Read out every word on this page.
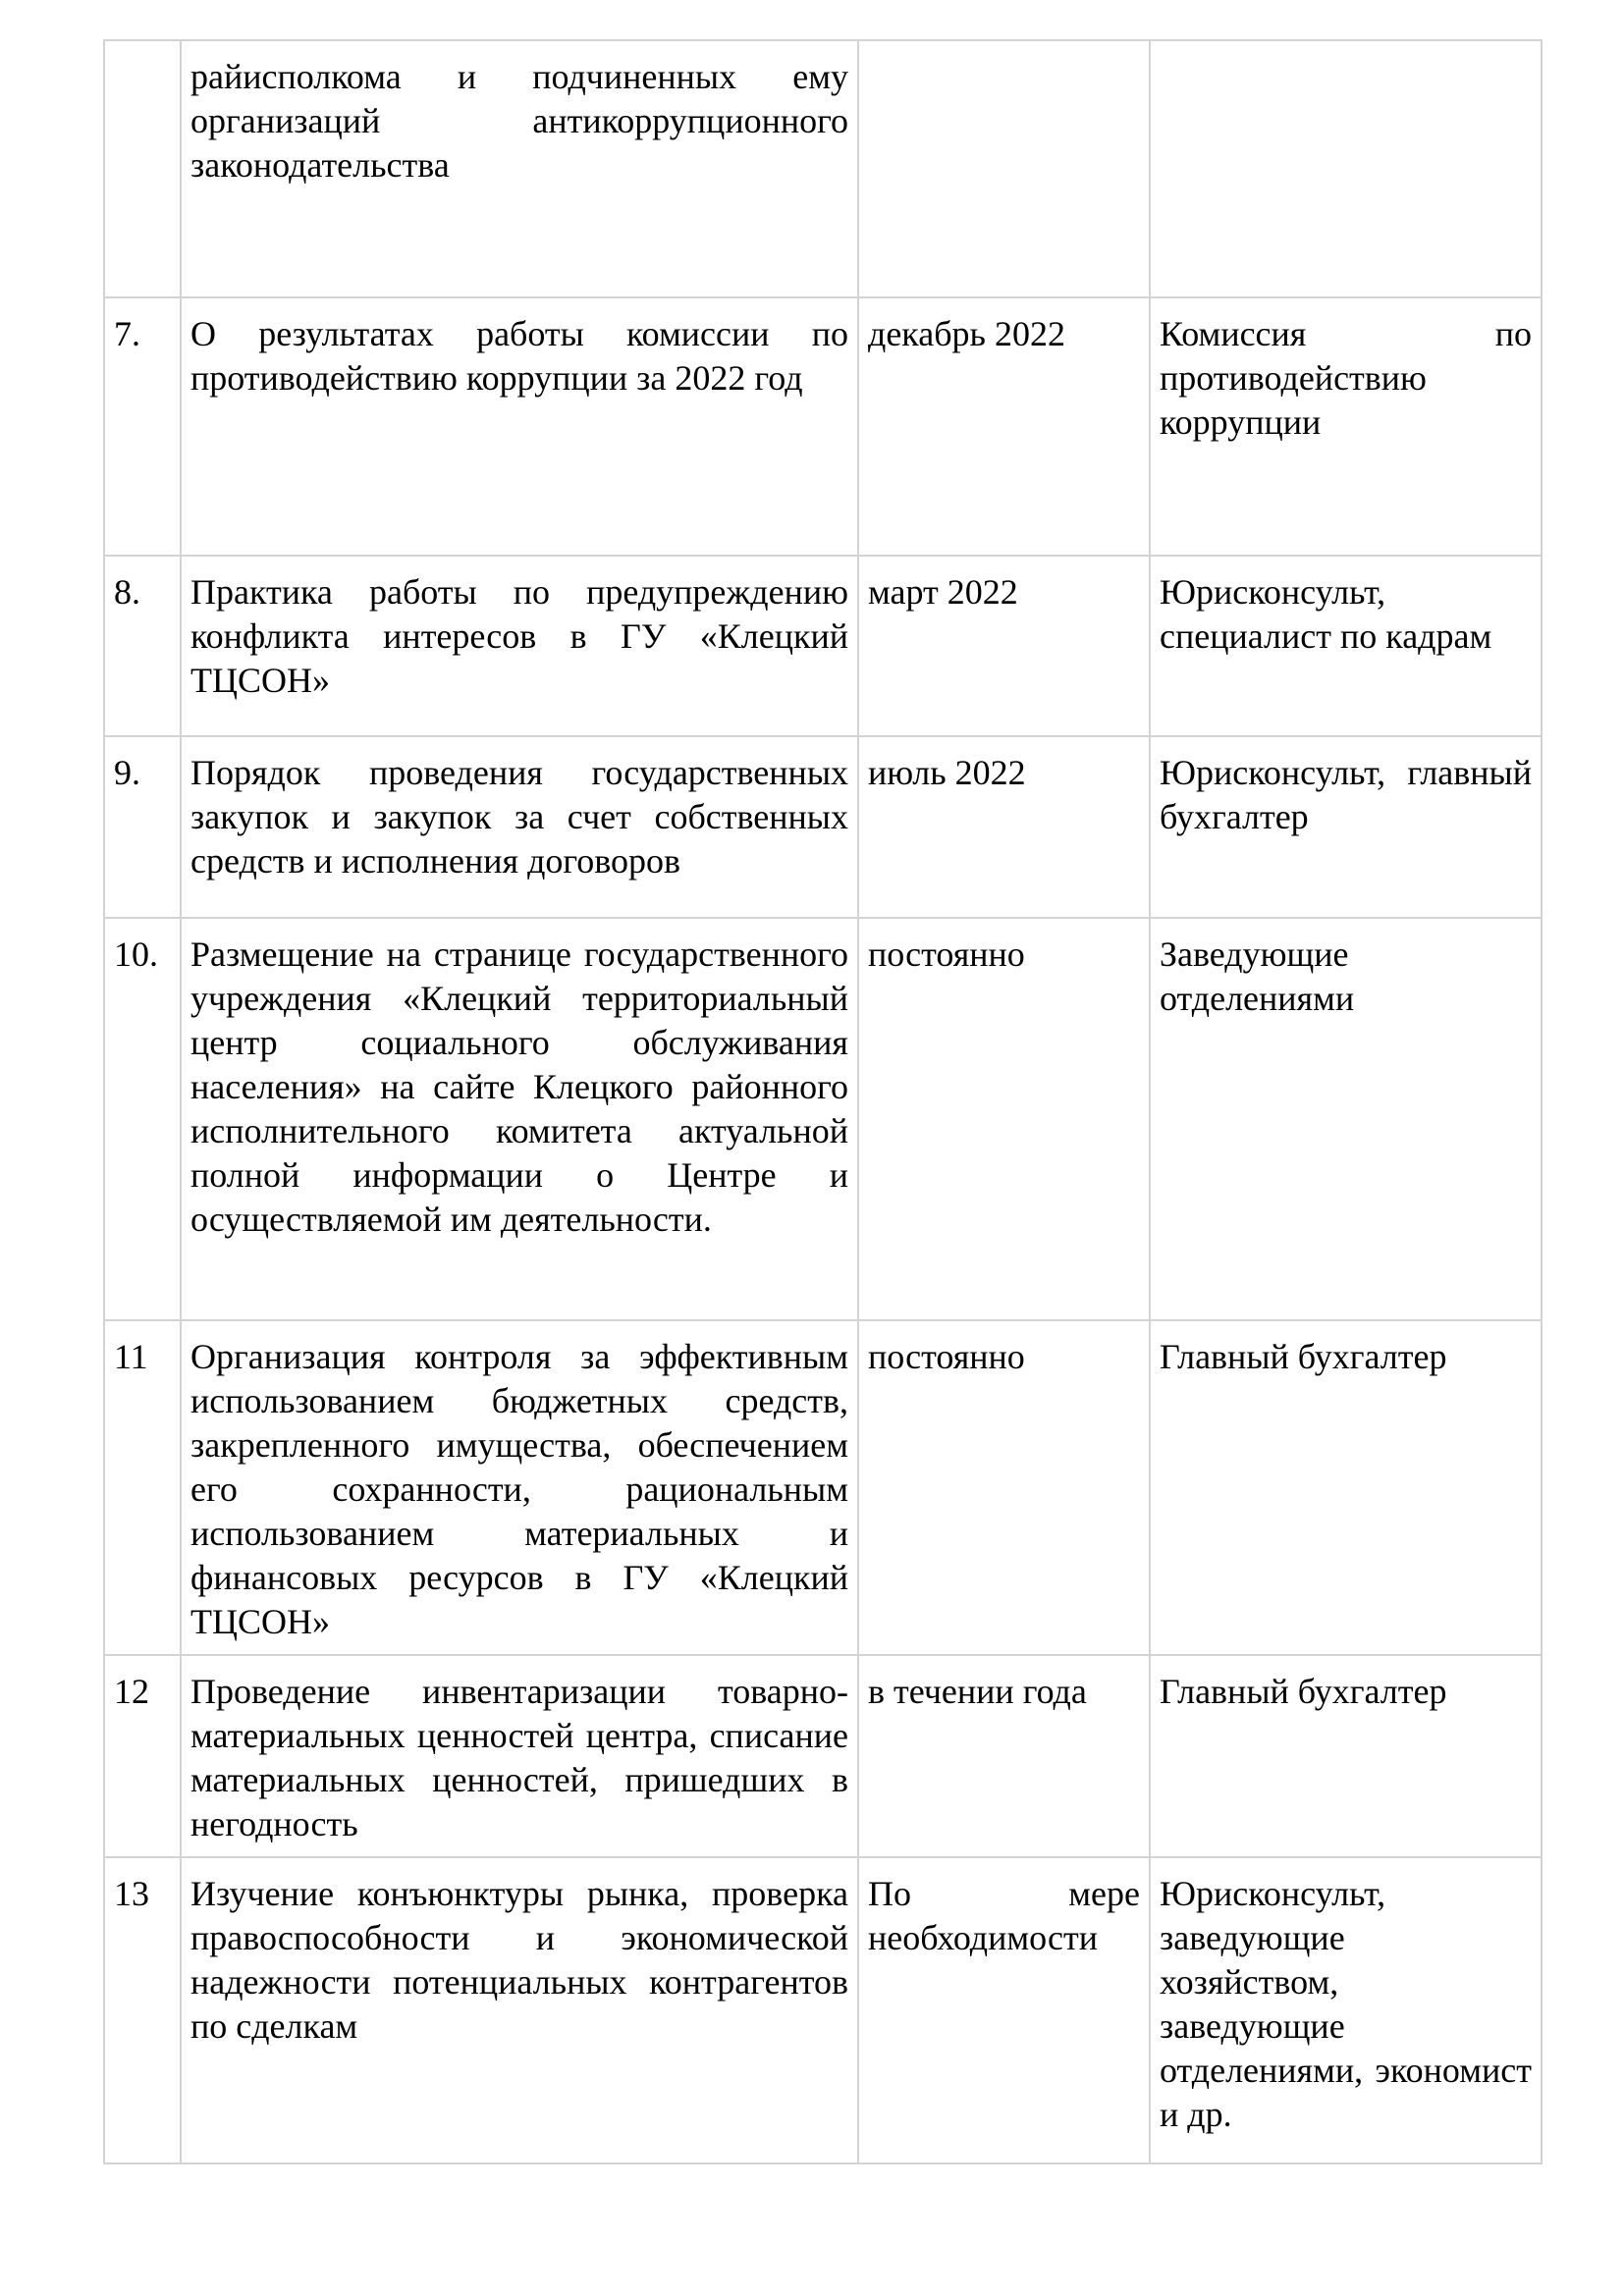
	райисполкома и подчиненных ему организаций антикоррупционного законодательства		
7.	О результатах работы комиссии по противодействию коррупции за 2022 год	декабрь 2022	Комиссия по противодействию коррупции
8.	Практика работы по предупреждению конфликта интересов в ГУ «Клецкий ТЦСОН»	март 2022	Юрисконсульт, специалист по кадрам
9.	Порядок проведения государственных закупок и закупок за счет собственных средств и исполнения договоров	июль 2022	Юрисконсульт, главный бухгалтер
10.	Размещение на странице государственного учреждения «Клецкий территориальный центр социального обслуживания населения» на сайте Клецкого районного исполнительного комитета актуальной полной информации о Центре и осуществляемой им деятельности.	постоянно	Заведующие отделениями
11	Организация контроля за эффективным использованием бюджетных средств, закрепленного имущества, обеспечением его сохранности, рациональным использованием материальных и финансовых ресурсов в ГУ «Клецкий ТЦСОН»	постоянно	Главный бухгалтер
12	Проведение инвентаризации товарно-материальных ценностей центра, списание материальных ценностей, пришедших в негодность	в течении года	Главный бухгалтер
13	Изучение конъюнктуры рынка, проверка правоспособности и экономической надежности потенциальных контрагентов по сделкам	По мере необходимости	Юрисконсульт, заведующие хозяйством, заведующие отделениями, экономист и др.
